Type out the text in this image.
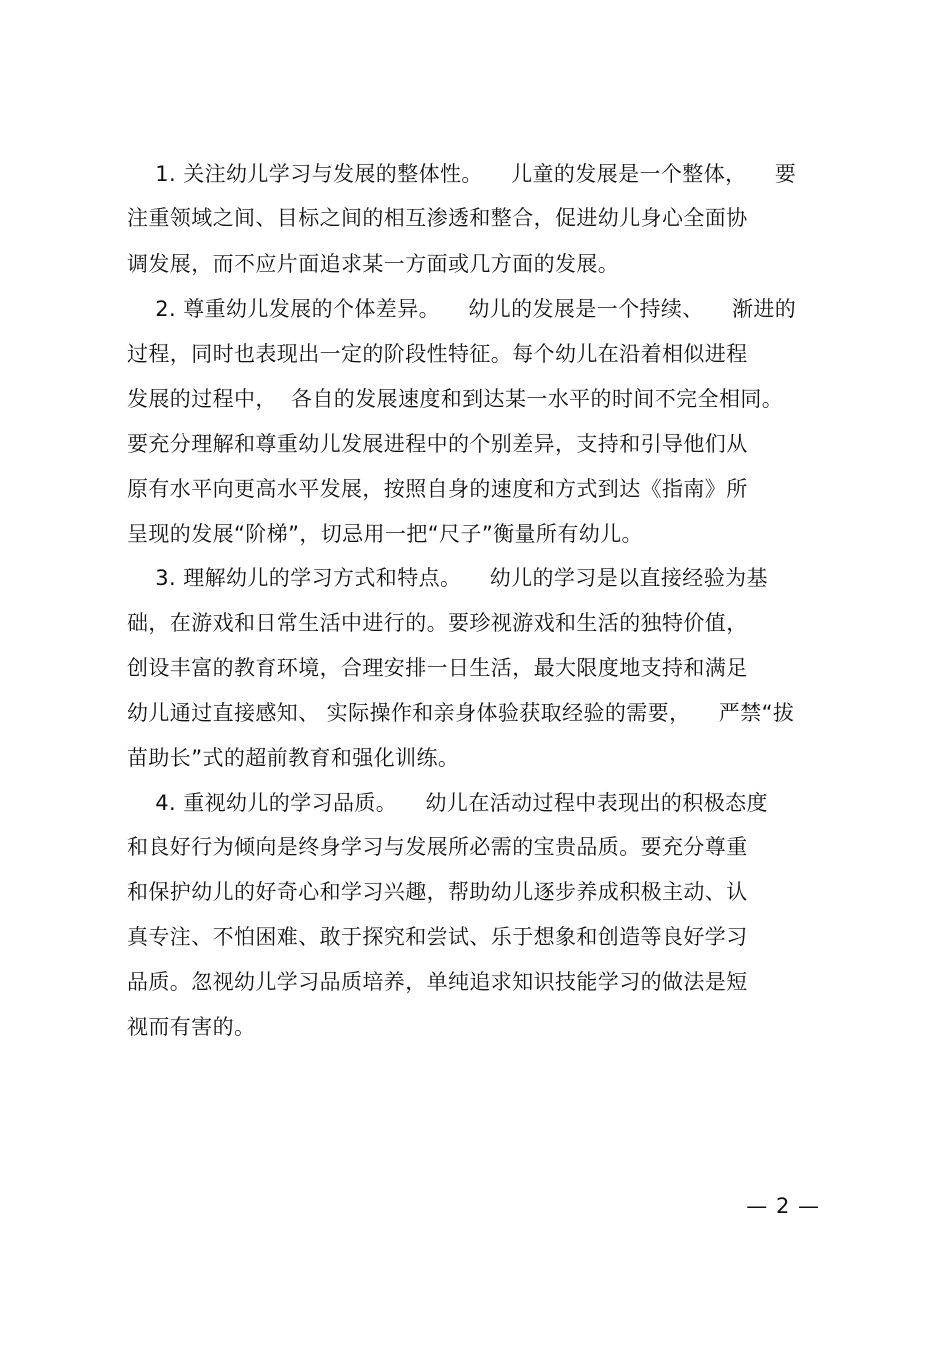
1. 关注幼儿学习与发展的整体性。    儿童的发展是一个整体，    要
注重领域之间、目标之间的相互渗透和整合，促进幼儿身心全面协
调发展，而不应片面追求某一方面或几方面的发展。
2. 尊重幼儿发展的个体差异。    幼儿的发展是一个持续、    渐进的
过程，同时也表现出一定的阶段性特征。每个幼儿在沿着相似进程
发展的过程中，  各自的发展速度和到达某一水平的时间不完全相同。
要充分理解和尊重幼儿发展进程中的个别差异，支持和引导他们从
原有水平向更高水平发展，按照自身的速度和方式到达《指南》所
呈现的发展“阶梯”，切忌用一把“尺子”衡量所有幼儿。
3. 理解幼儿的学习方式和特点。    幼儿的学习是以直接经验为基
础，在游戏和日常生活中进行的。要珍视游戏和生活的独特价值，
创设丰富的教育环境，合理安排一日生活，最大限度地支持和满足
幼儿通过直接感知、 实际操作和亲身体验获取经验的需要，    严禁“拔
苗助长”式的超前教育和强化训练。
4. 重视幼儿的学习品质。    幼儿在活动过程中表现出的积极态度
和良好行为倾向是终身学习与发展所必需的宝贵品质。要充分尊重
和保护幼儿的好奇心和学习兴趣，帮助幼儿逐步养成积极主动、认
真专注、不怕困难、敢于探究和尝试、乐于想象和创造等良好学习
品质。忽视幼儿学习品质培养，单纯追求知识技能学习的做法是短
视而有害的。
— 2 —
